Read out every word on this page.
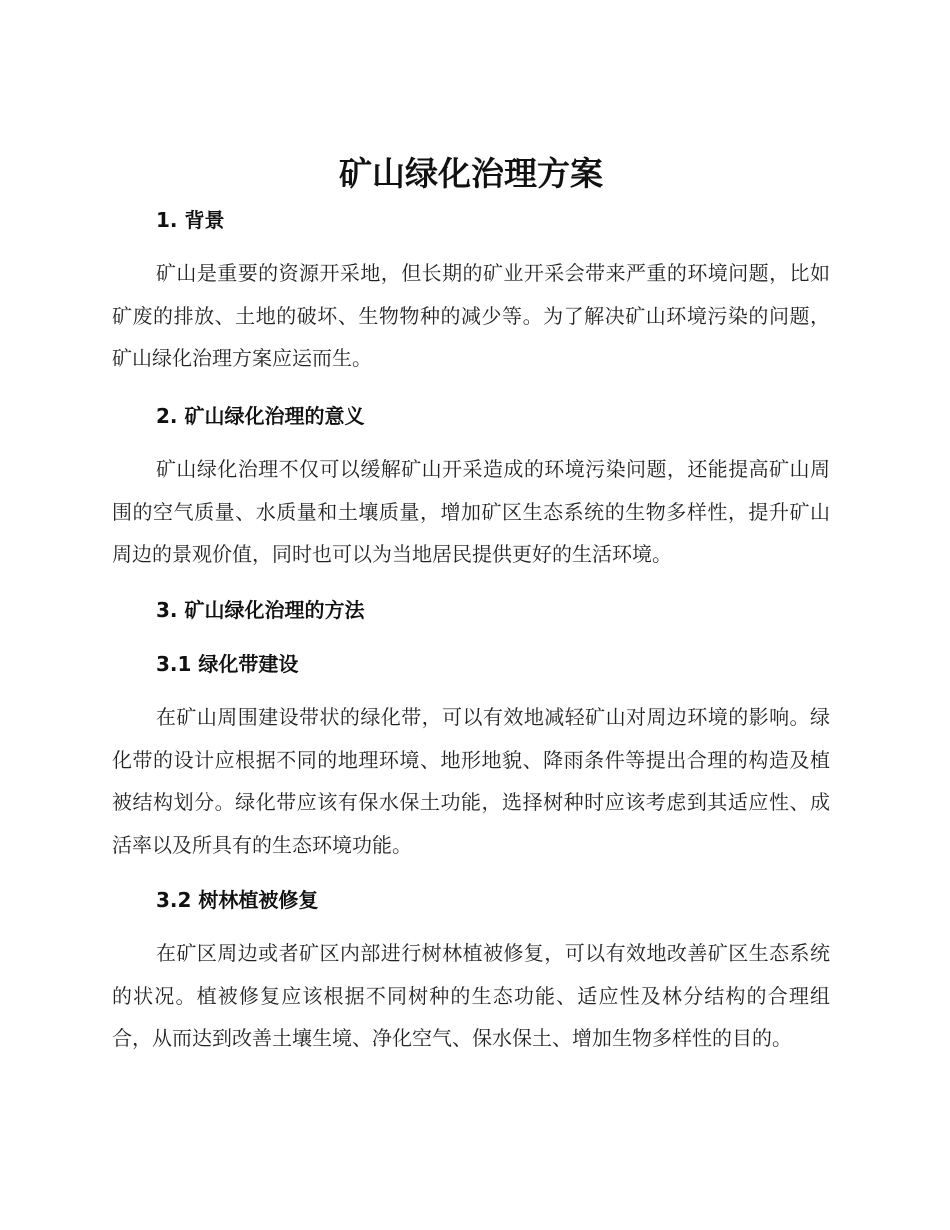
矿山绿化治理方案
1. 背景

矿山是重要的资源开采地，但长期的矿业开采会带来严重的环境问题，比如矿废的排放、土地的破坏、生物物种的减少等。为了解决矿山环境污染的问题，矿山绿化治理方案应运而生。

2. 矿山绿化治理的意义

矿山绿化治理不仅可以缓解矿山开采造成的环境污染问题，还能提高矿山周围的空气质量、水质量和土壤质量，增加矿区生态系统的生物多样性，提升矿山周边的景观价值，同时也可以为当地居民提供更好的生活环境。

3. 矿山绿化治理的方法
3.1 绿化带建设

在矿山周围建设带状的绿化带，可以有效地减轻矿山对周边环境的影响。绿化带的设计应根据不同的地理环境、地形地貌、降雨条件等提出合理的构造及植被结构划分。绿化带应该有保水保土功能，选择树种时应该考虑到其适应性、成活率以及所具有的生态环境功能。

3.2 树林植被修复

在矿区周边或者矿区内部进行树林植被修复，可以有效地改善矿区生态系统的状况。植被修复应该根据不同树种的生态功能、适应性及林分结构的合理组合，从而达到改善土壤生境、净化空气、保水保土、增加生物多样性的目的。
